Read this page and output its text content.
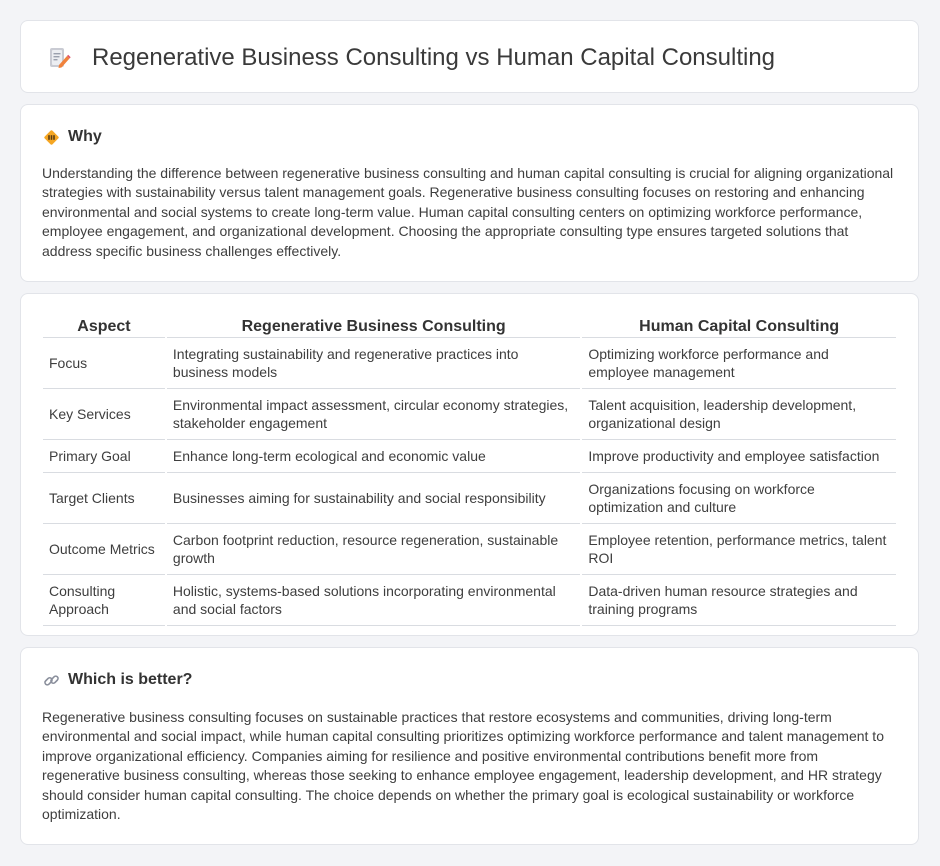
Regenerative Business Consulting vs Human Capital Consulting
Why

Understanding the difference between regenerative business consulting and human capital consulting is crucial for aligning organizational strategies with sustainability versus talent management goals. Regenerative business consulting focuses on restoring and enhancing environmental and social systems to create long-term value. Human capital consulting centers on optimizing workforce performance, employee engagement, and organizational development. Choosing the appropriate consulting type ensures targeted solutions that address specific business challenges effectively.

Aspect	Regenerative Business Consulting	Human Capital Consulting
Focus	Integrating sustainability and regenerative practices into business models	Optimizing workforce performance and employee management
Key Services	Environmental impact assessment, circular economy strategies, stakeholder engagement	Talent acquisition, leadership development, organizational design
Primary Goal	Enhance long-term ecological and economic value	Improve productivity and employee satisfaction
Target Clients	Businesses aiming for sustainability and social responsibility	Organizations focusing on workforce optimization and culture
Outcome Metrics	Carbon footprint reduction, resource regeneration, sustainable growth	Employee retention, performance metrics, talent ROI
Consulting Approach	Holistic, systems-based solutions incorporating environmental and social factors	Data-driven human resource strategies and training programs
Which is better?

Regenerative business consulting focuses on sustainable practices that restore ecosystems and communities, driving long-term environmental and social impact, while human capital consulting prioritizes optimizing workforce performance and talent management to improve organizational efficiency. Companies aiming for resilience and positive environmental contributions benefit more from regenerative business consulting, whereas those seeking to enhance employee engagement, leadership development, and HR strategy should consider human capital consulting. The choice depends on whether the primary goal is ecological sustainability or workforce optimization.
